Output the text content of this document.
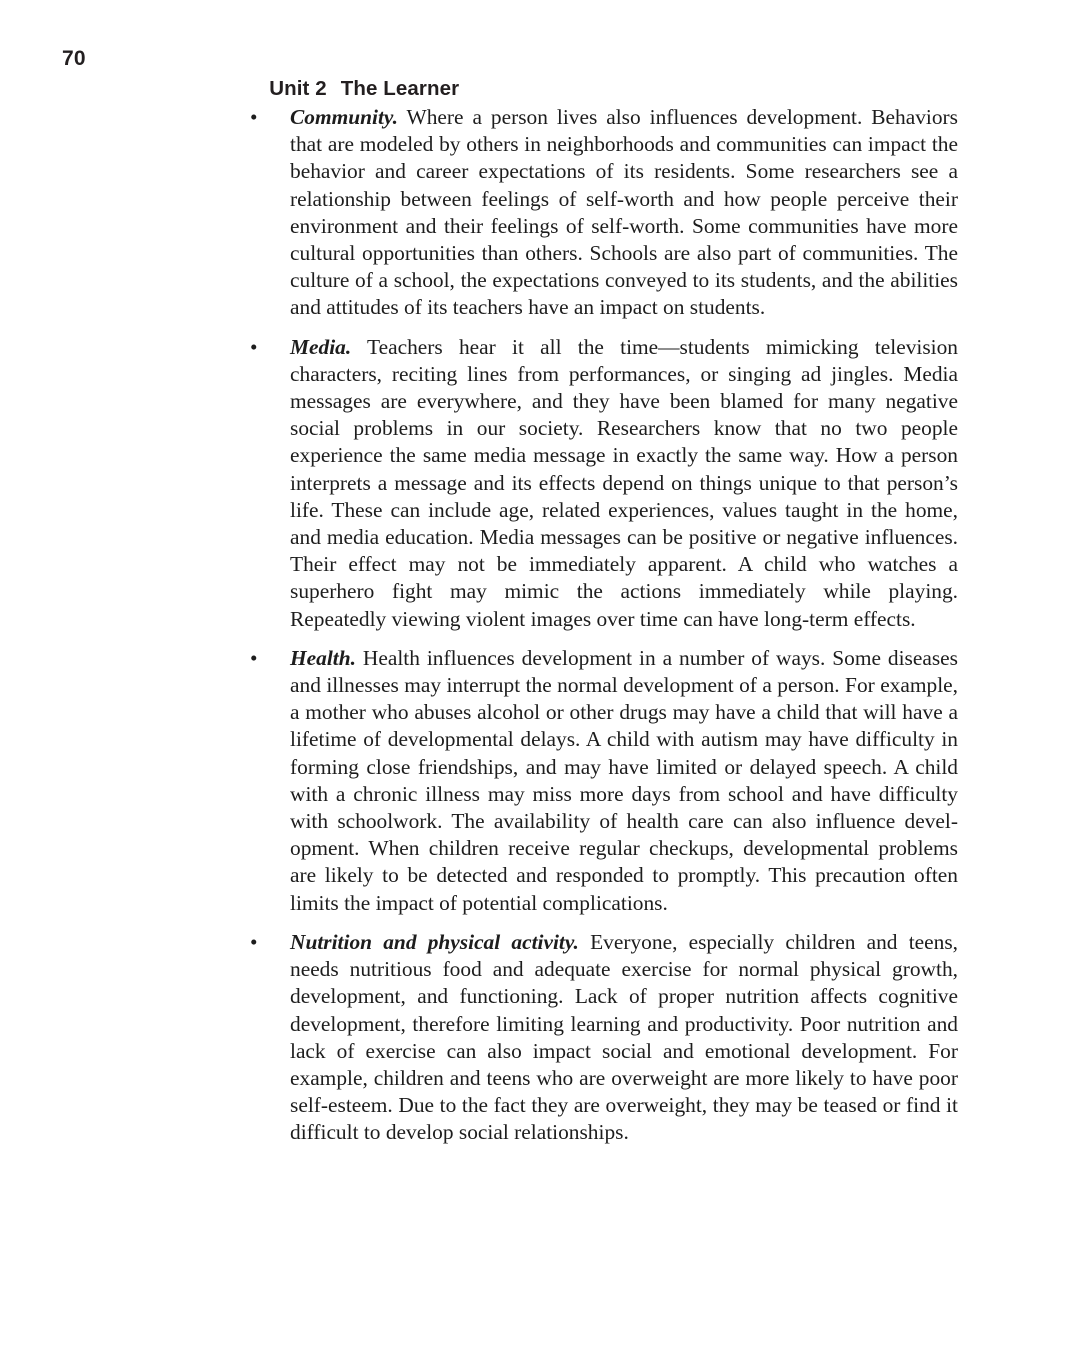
70

Unit 2 The Learner

•	Community. Where a person lives also influences development. Behaviors that are modeled by others in neighborhoods and communities can impact the behavior and career expectations of its residents. Some researchers see a relationship between feelings of self-worth and how people perceive their environment and their feelings of self-worth. Some communities have more cultural opportunities than others. Schools are also part of communities. The culture of a school, the expectations conveyed to its students, and the abilities and attitudes of its teachers have an impact on students.
•	Media. Teachers hear it all the time—students mimicking television characters, reciting lines from performances, or singing ad jingles. Media messages are everywhere, and they have been blamed for many negative social problems in our society. Researchers know that no two people experience the same media message in exactly the same way. How a person interprets a message and its effects depend on things unique to that person’s life. These can include age, related experiences, values taught in the home, and media education. Media messages can be positive or negative influences. Their effect may not be immediately apparent. A child who watches a superhero fight may mimic the actions immediately while playing. Repeatedly viewing violent images over time can have long-term effects.
•	Health. Health influences development in a number of ways. Some diseases and illnesses may interrupt the normal development of a person. For example, a mother who abuses alcohol or other drugs may have a child that will have a lifetime of developmental delays. A child with autism may have difficulty in forming close friendships, and may have limited or delayed speech. A child with a chronic illness may miss more days from school and have difficulty with schoolwork. The availability of health care can also influence development. When children receive regular checkups, developmental problems are likely to be detected and responded to promptly. This precaution often limits the impact of potential complications.
•	Nutrition and physical activity. Everyone, especially children and teens, needs nutritious food and adequate exercise for normal physical growth, development, and functioning. Lack of proper nutrition affects cognitive development, therefore limiting learning and productivity. Poor nutrition and lack of exercise can also impact social and emotional development. For example, children and teens who are overweight are more likely to have poor self-esteem. Due to the fact they are overweight, they may be teased or find it difficult to develop social relationships.
